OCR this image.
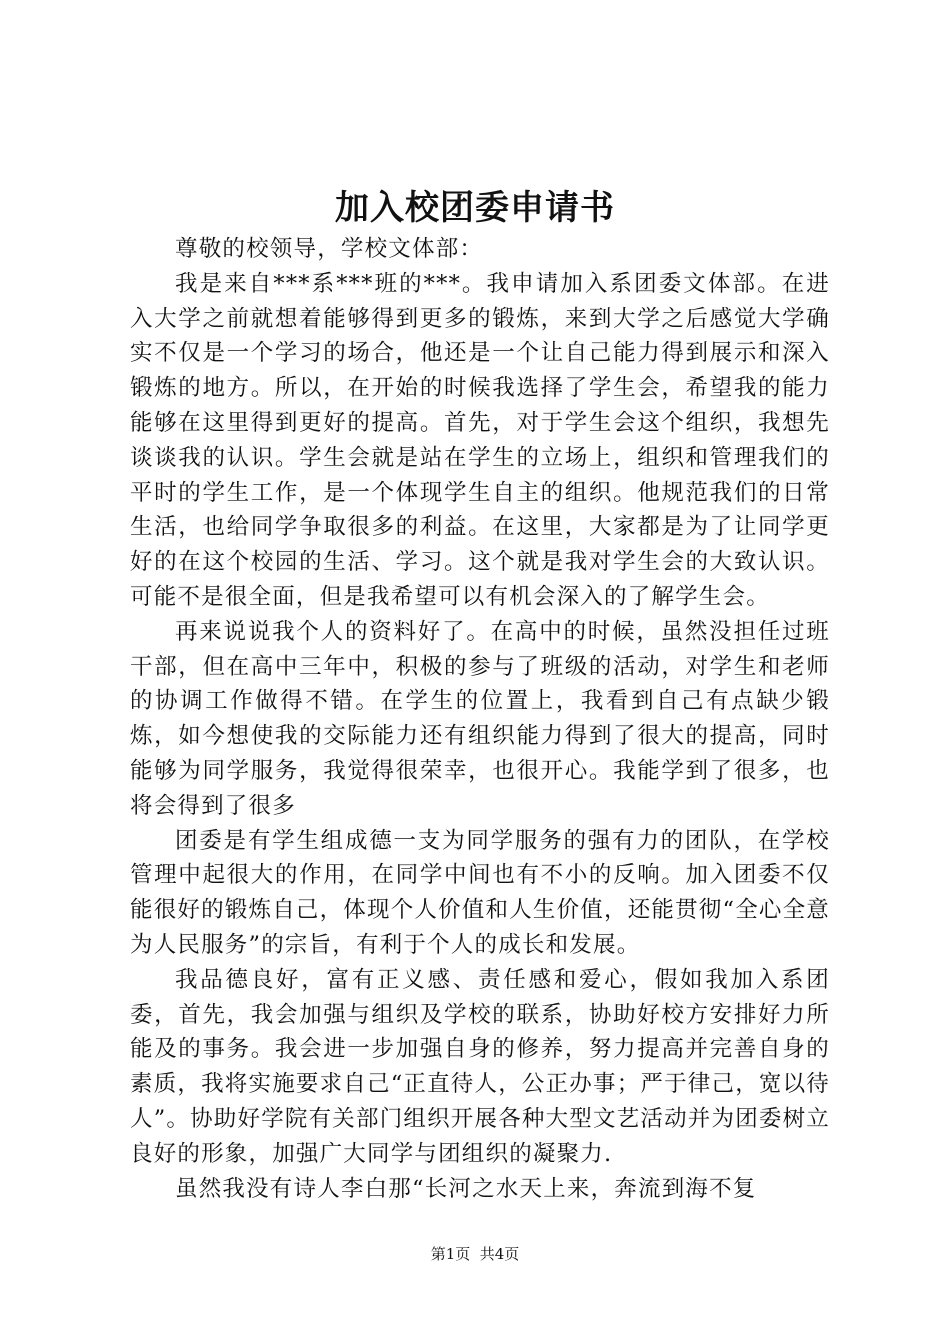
加入校团委申请书

尊敬的校领导，学校文体部：

我是来自***系***班的***。我申请加入系团委文体部。在进入大学之前就想着能够得到更多的锻炼，来到大学之后感觉大学确实不仅是一个学习的场合，他还是一个让自己能力得到展示和深入锻炼的地方。所以，在开始的时候我选择了学生会，希望我的能力能够在这里得到更好的提高。首先，对于学生会这个组织，我想先谈谈我的认识。学生会就是站在学生的立场上，组织和管理我们的平时的学生工作，是一个体现学生自主的组织。他规范我们的日常生活，也给同学争取很多的利益。在这里，大家都是为了让同学更好的在这个校园的生活、学习。这个就是我对学生会的大致认识。可能不是很全面，但是我希望可以有机会深入的了解学生会。

再来说说我个人的资料好了。在高中的时候，虽然没担任过班干部，但在高中三年中，积极的参与了班级的活动，对学生和老师的协调工作做得不错。在学生的位置上，我看到自己有点缺少锻炼，如今想使我的交际能力还有组织能力得到了很大的提高，同时能够为同学服务，我觉得很荣幸，也很开心。我能学到了很多，也将会得到了很多

团委是有学生组成德一支为同学服务的强有力的团队，在学校管理中起很大的作用，在同学中间也有不小的反响。加入团委不仅能很好的锻炼自己，体现个人价值和人生价值，还能贯彻“全心全意为人民服务”的宗旨，有利于个人的成长和发展。

我品德良好，富有正义感、责任感和爱心，假如我加入系团委，首先，我会加强与组织及学校的联系，协助好校方安排好力所能及的事务。我会进一步加强自身的修养，努力提高并完善自身的素质，我将实施要求自己“正直待人，公正办事；严于律己，宽以待人”。协助好学院有关部门组织开展各种大型文艺活动并为团委树立良好的形象，加强广大同学与团组织的凝聚力.

虽然我没有诗人李白那“长河之水天上来，奔流到海不复

第1页  共4页
